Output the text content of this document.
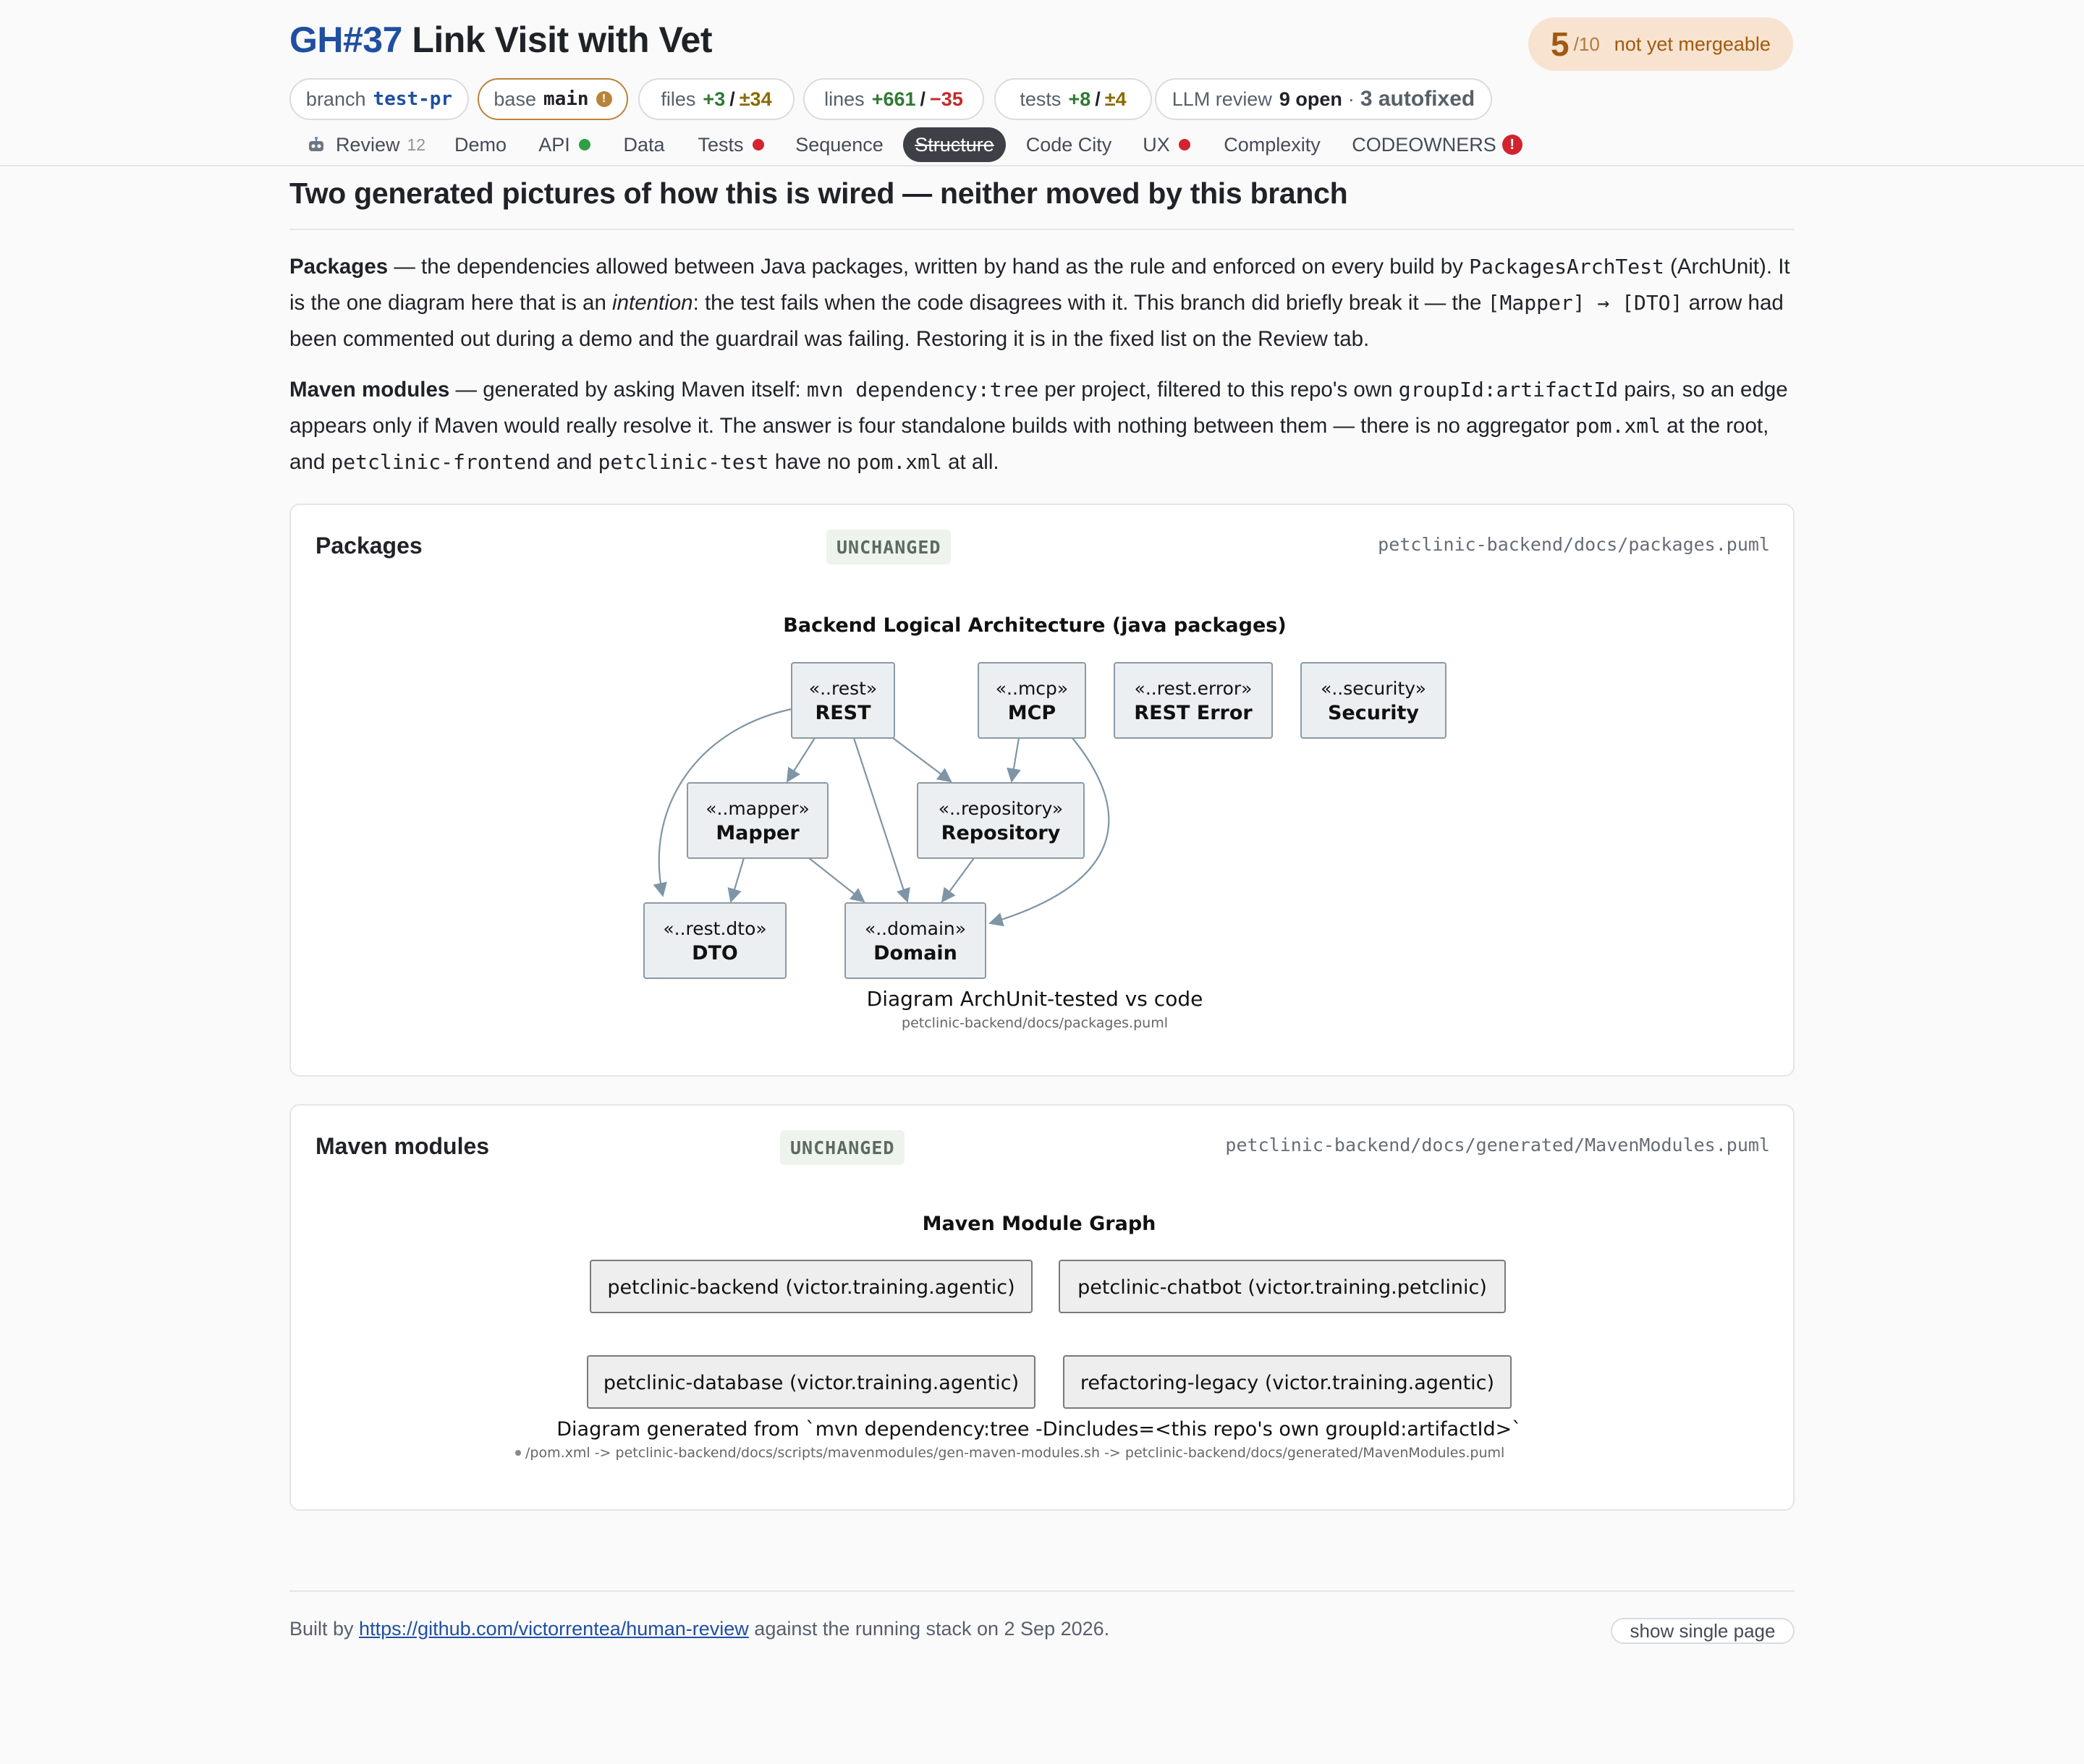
GH#37 Link Visit with Vet	5 /10 not yet mergeable
branch test-pr base main	!	files +3 / ±34	lines +661 / −35	tests +8 / ±4 LLM review 9 open · 3 autofixed
Review 12 Demo API	Data Tests	Sequence Structure Code City UX	Complexity CODEOWNERS !
Two generated pictures of how this is wired — neither moved by this branch

Packages — the dependencies allowed between Java packages, written by hand as the rule and enforced on every build by PackagesArchTest (ArchUnit). It is the one diagram here that is an intention: the test fails when the code disagrees with it. This branch did briefly break it — the [Mapper] → [DTO] arrow had been commented out during a demo and the guardrail was failing. Restoring it is in the fixed list on the Review tab.

Maven modules — generated by asking Maven itself: mvn dependency:tree per project, filtered to this repo's own groupId:artifactId pairs, so an edge appears only if Maven would really resolve it. The answer is four standalone builds with nothing between them — there is no aggregator pom.xml at the root, and petclinic-frontend and petclinic-test have no pom.xml at all.

Packages	UNCHANGED	petclinic-backend/docs/packages.puml
Backend Logical Architecture (java packages)
«..rest»
REST
«..mcp»
MCP
«..rest.error»
REST Error
«..security»
Security
«..mapper»
Mapper
«..repository»
Repository
«..rest.dto»
DTO
«..domain»
Domain
Diagram ArchUnit-tested vs code
petclinic-backend/docs/packages.puml
Maven modules	UNCHANGED	petclinic-backend/docs/generated/MavenModules.puml
Maven Module Graph
petclinic-backend (victor.training.agentic)	petclinic-chatbot (victor.training.petclinic)
petclinic-database (victor.training.agentic)	refactoring-legacy (victor.training.agentic)
Diagram generated from `mvn dependency:tree -Dincludes=<this repo's own groupId:artifactId>`
/pom.xml -> petclinic-backend/docs/scripts/mavenmodules/gen-maven-modules.sh -> petclinic-backend/docs/generated/MavenModules.puml
Built by https://github.com/victorrentea/human-review against the running stack on 2 Sep 2026.	show single page
